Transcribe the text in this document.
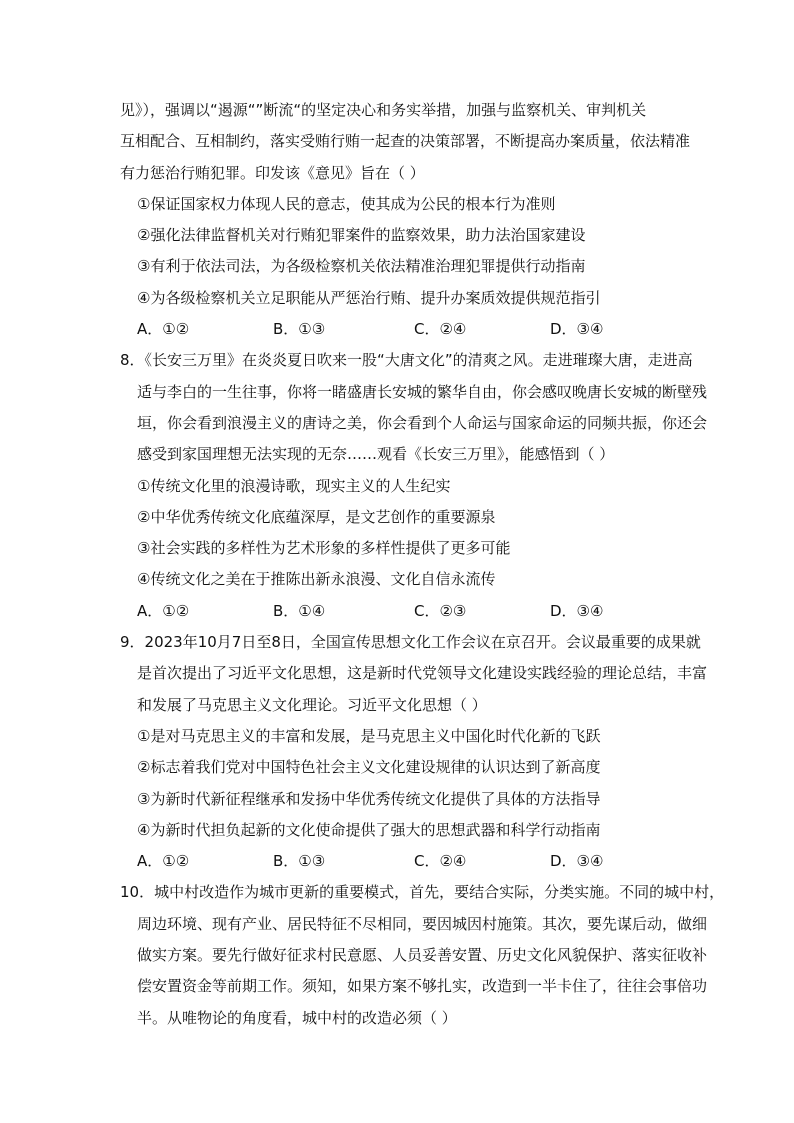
见》），强调以“遏源“”断流“的坚定决心和务实举措，加强与监察机关、审判机关
互相配合、互相制约，落实受贿行贿一起查的决策部署，不断提高办案质量，依法精准
有力惩治行贿犯罪。印发该《意见》旨在（ ）
①保证国家权力体现人民的意志，使其成为公民的根本行为准则
②强化法律监督机关对行贿犯罪案件的监察效果，助力法治国家建设
③有利于依法司法，为各级检察机关依法精准治理犯罪提供行动指南
④为各级检察机关立足职能从严惩治行贿、提升办案质效提供规范指引
A．①②	B．①③	C．②④	D．③④
8．《长安三万里》在炎炎夏日吹来一股“大唐文化”的清爽之风。走进璀璨大唐，走进高
适与李白的一生往事，你将一睹盛唐长安城的繁华自由，你会感叹晚唐长安城的断壁残
垣，你会看到浪漫主义的唐诗之美，你会看到个人命运与国家命运的同频共振，你还会
感受到家国理想无法实现的无奈……观看《长安三万里》，能感悟到（ ）
①传统文化里的浪漫诗歌，现实主义的人生纪实
②中华优秀传统文化底蕴深厚，是文艺创作的重要源泉
③社会实践的多样性为艺术形象的多样性提供了更多可能
④传统文化之美在于推陈出新永浪漫、文化自信永流传
A．①②	B．①④	C．②③	D．③④
9．2023年10月7日至8日，全国宣传思想文化工作会议在京召开。会议最重要的成果就
是首次提出了习近平文化思想，这是新时代党领导文化建设实践经验的理论总结，丰富
和发展了马克思主义文化理论。习近平文化思想（ ）
①是对马克思主义的丰富和发展，是马克思主义中国化时代化新的飞跃
②标志着我们党对中国特色社会主义文化建设规律的认识达到了新高度
③为新时代新征程继承和发扬中华优秀传统文化提供了具体的方法指导
④为新时代担负起新的文化使命提供了强大的思想武器和科学行动指南
A．①②	B．①③	C．②④	D．③④
10．城中村改造作为城市更新的重要模式，首先，要结合实际，分类实施。不同的城中村，
周边环境、现有产业、居民特征不尽相同，要因城因村施策。其次，要先谋后动，做细
做实方案。要先行做好征求村民意愿、人员妥善安置、历史文化风貌保护、落实征收补
偿安置资金等前期工作。须知，如果方案不够扎实，改造到一半卡住了，往往会事倍功
半。从唯物论的角度看，城中村的改造必须（ ）
